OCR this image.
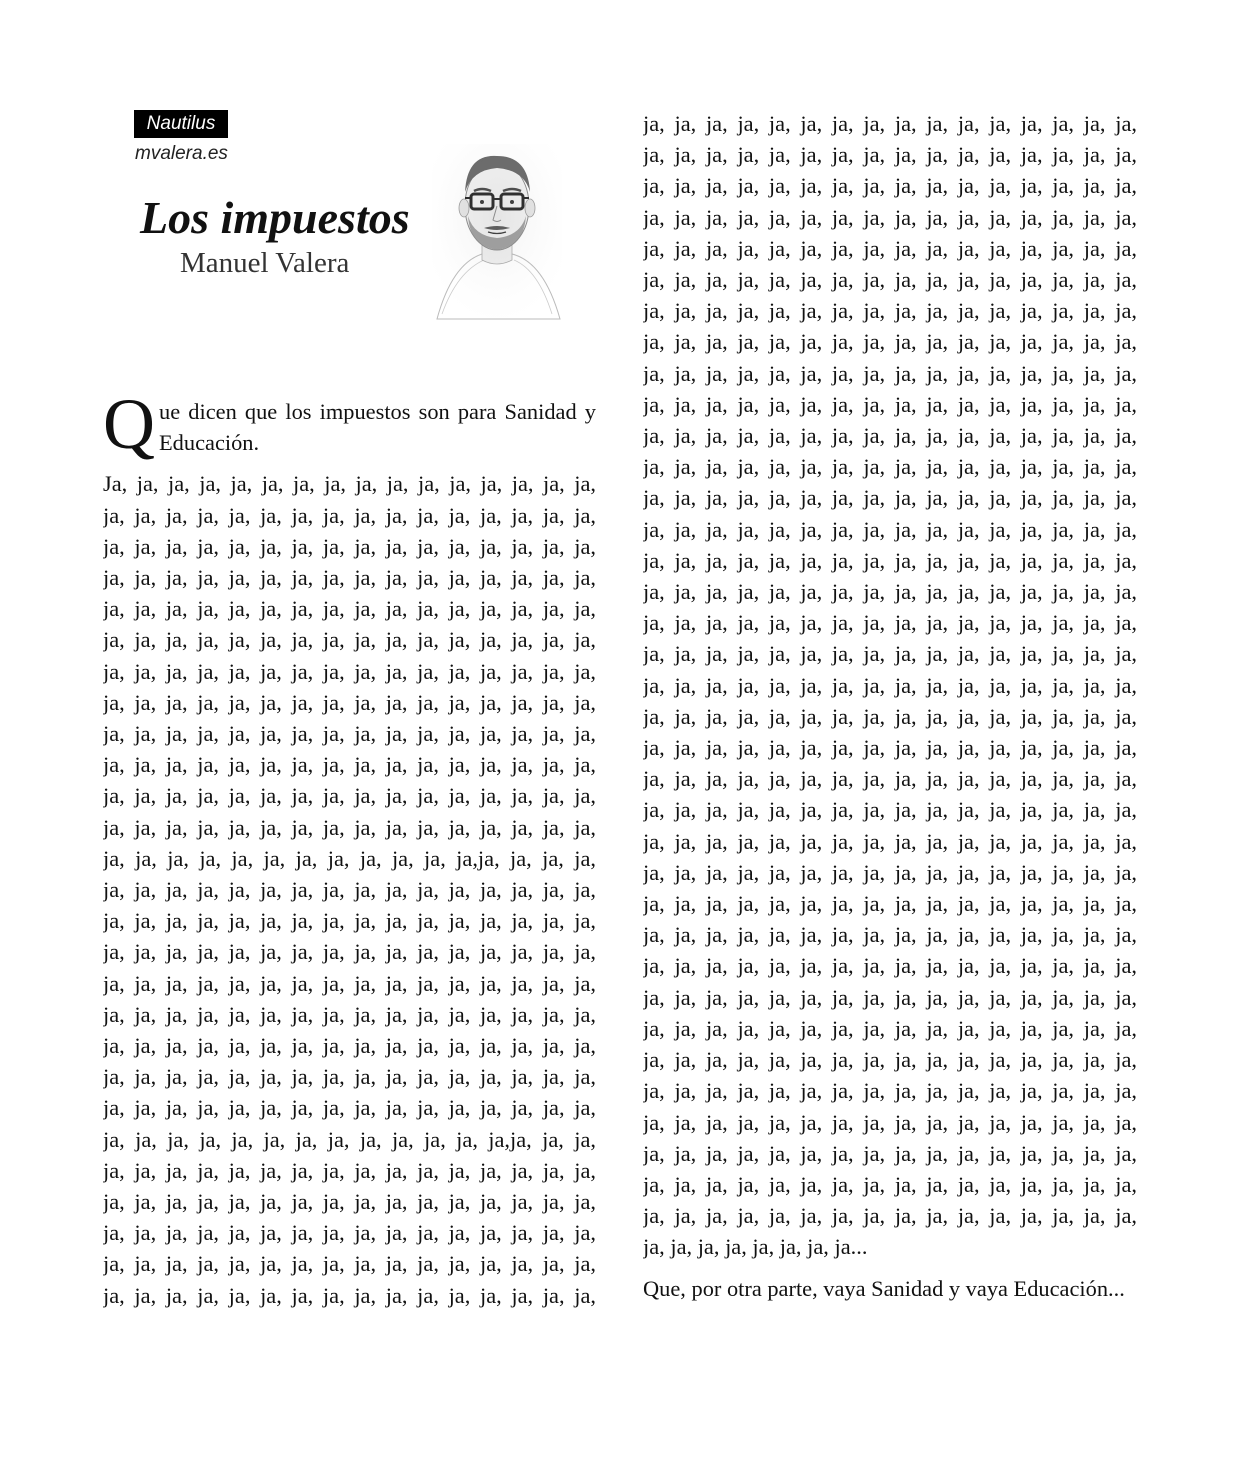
Nautilus
mvalera.es
Los impuestos
Manuel Valera

Que dicen que los impuestos son para Sanidad y Educación.

Ja, ja, ja, ja, ja, ja, ja, ja, ja, ja, ja, ja, ja, ja, ja, ja,
ja, ja, ja, ja, ja, ja, ja, ja, ja, ja, ja, ja, ja, ja, ja, ja,
ja, ja, ja, ja, ja, ja, ja, ja, ja, ja, ja, ja, ja, ja, ja, ja,
ja, ja, ja, ja, ja, ja, ja, ja, ja, ja, ja, ja, ja, ja, ja, ja,
ja, ja, ja, ja, ja, ja, ja, ja, ja, ja, ja, ja, ja, ja, ja, ja,
ja, ja, ja, ja, ja, ja, ja, ja, ja, ja, ja, ja, ja, ja, ja, ja,
ja, ja, ja, ja, ja, ja, ja, ja, ja, ja, ja, ja, ja, ja, ja, ja,
ja, ja, ja, ja, ja, ja, ja, ja, ja, ja, ja, ja, ja, ja, ja, ja,
ja, ja, ja, ja, ja, ja, ja, ja, ja, ja, ja, ja, ja, ja, ja, ja,
ja, ja, ja, ja, ja, ja, ja, ja, ja, ja, ja, ja, ja, ja, ja, ja,
ja, ja, ja, ja, ja, ja, ja, ja, ja, ja, ja, ja, ja, ja, ja, ja,
ja, ja, ja, ja, ja, ja, ja, ja, ja, ja, ja, ja, ja, ja, ja, ja,
ja, ja, ja, ja, ja, ja, ja, ja, ja, ja, ja, ja,ja, ja, ja, ja,
ja, ja, ja, ja, ja, ja, ja, ja, ja, ja, ja, ja, ja, ja, ja, ja,
ja, ja, ja, ja, ja, ja, ja, ja, ja, ja, ja, ja, ja, ja, ja, ja,
ja, ja, ja, ja, ja, ja, ja, ja, ja, ja, ja, ja, ja, ja, ja, ja,
ja, ja, ja, ja, ja, ja, ja, ja, ja, ja, ja, ja, ja, ja, ja, ja,
ja, ja, ja, ja, ja, ja, ja, ja, ja, ja, ja, ja, ja, ja, ja, ja,
ja, ja, ja, ja, ja, ja, ja, ja, ja, ja, ja, ja, ja, ja, ja, ja,
ja, ja, ja, ja, ja, ja, ja, ja, ja, ja, ja, ja, ja, ja, ja, ja,
ja, ja, ja, ja, ja, ja, ja, ja, ja, ja, ja, ja, ja, ja, ja, ja,
ja, ja, ja, ja, ja, ja, ja, ja, ja, ja, ja, ja, ja,ja, ja, ja,
ja, ja, ja, ja, ja, ja, ja, ja, ja, ja, ja, ja, ja, ja, ja, ja,
ja, ja, ja, ja, ja, ja, ja, ja, ja, ja, ja, ja, ja, ja, ja, ja,
ja, ja, ja, ja, ja, ja, ja, ja, ja, ja, ja, ja, ja, ja, ja, ja,
ja, ja, ja, ja, ja, ja, ja, ja, ja, ja, ja, ja, ja, ja, ja, ja,
ja, ja, ja, ja, ja, ja, ja, ja, ja, ja, ja, ja, ja, ja, ja, ja,
ja, ja, ja, ja, ja, ja, ja, ja, ja, ja, ja, ja, ja, ja, ja, ja,
ja, ja, ja, ja, ja, ja, ja, ja, ja, ja, ja, ja, ja, ja, ja, ja,
ja, ja, ja, ja, ja, ja, ja, ja, ja, ja, ja, ja, ja, ja, ja, ja,
ja, ja, ja, ja, ja, ja, ja, ja, ja, ja, ja, ja, ja, ja, ja, ja,
ja, ja, ja, ja, ja, ja, ja, ja, ja, ja, ja, ja, ja, ja, ja, ja,
ja, ja, ja, ja, ja, ja, ja, ja, ja, ja, ja, ja, ja, ja, ja, ja,
ja, ja, ja, ja, ja, ja, ja, ja, ja, ja, ja, ja, ja, ja, ja, ja,
ja, ja, ja, ja, ja, ja, ja, ja, ja, ja, ja, ja, ja, ja, ja, ja,
ja, ja, ja, ja, ja, ja, ja, ja, ja, ja, ja, ja, ja, ja, ja, ja,
ja, ja, ja, ja, ja, ja, ja, ja, ja, ja, ja, ja, ja, ja, ja, ja,
ja, ja, ja, ja, ja, ja, ja, ja, ja, ja, ja, ja, ja, ja, ja, ja,
ja, ja, ja, ja, ja, ja, ja, ja, ja, ja, ja, ja, ja, ja, ja, ja,
ja, ja, ja, ja, ja, ja, ja, ja, ja, ja, ja, ja, ja, ja, ja, ja,
ja, ja, ja, ja, ja, ja, ja, ja, ja, ja, ja, ja, ja, ja, ja, ja,
ja, ja, ja, ja, ja, ja, ja, ja, ja, ja, ja, ja, ja, ja, ja, ja,
ja, ja, ja, ja, ja, ja, ja, ja, ja, ja, ja, ja, ja, ja, ja, ja,
ja, ja, ja, ja, ja, ja, ja, ja, ja, ja, ja, ja, ja, ja, ja, ja,
ja, ja, ja, ja, ja, ja, ja, ja, ja, ja, ja, ja, ja, ja, ja, ja,
ja, ja, ja, ja, ja, ja, ja, ja, ja, ja, ja, ja, ja, ja, ja, ja,
ja, ja, ja, ja, ja, ja, ja, ja, ja, ja, ja, ja, ja, ja, ja, ja,
ja, ja, ja, ja, ja, ja, ja, ja, ja, ja, ja, ja, ja, ja, ja, ja,
ja, ja, ja, ja, ja, ja, ja, ja, ja, ja, ja, ja, ja, ja, ja, ja,
ja, ja, ja, ja, ja, ja, ja, ja, ja, ja, ja, ja, ja, ja, ja, ja,
ja, ja, ja, ja, ja, ja, ja, ja, ja, ja, ja, ja, ja, ja, ja, ja,
ja, ja, ja, ja, ja, ja, ja, ja, ja, ja, ja, ja, ja, ja, ja, ja,
ja, ja, ja, ja, ja, ja, ja, ja, ja, ja, ja, ja, ja, ja, ja, ja,
ja, ja, ja, ja, ja, ja, ja, ja, ja, ja, ja, ja, ja, ja, ja, ja,
ja, ja, ja, ja, ja, ja, ja, ja, ja, ja, ja, ja, ja, ja, ja, ja,
ja, ja, ja, ja, ja, ja, ja, ja, ja, ja, ja, ja, ja, ja, ja, ja,
ja, ja, ja, ja, ja, ja, ja, ja, ja, ja, ja, ja, ja, ja, ja, ja,
ja, ja, ja, ja, ja, ja, ja, ja, ja, ja, ja, ja, ja, ja, ja, ja,
ja, ja, ja, ja, ja, ja, ja, ja, ja, ja, ja, ja, ja, ja, ja, ja,
ja, ja, ja, ja, ja, ja, ja, ja, ja, ja, ja, ja, ja, ja, ja, ja,
ja, ja, ja, ja, ja, ja, ja, ja, ja, ja, ja, ja, ja, ja, ja, ja,
ja, ja, ja, ja, ja, ja, ja, ja, ja, ja, ja, ja, ja, ja, ja, ja,
ja, ja, ja, ja, ja, ja, ja, ja, ja, ja, ja, ja, ja, ja, ja, ja,
ja, ja, ja, ja, ja, ja, ja, ja...

Que, por otra parte, vaya Sanidad y vaya Educación...
